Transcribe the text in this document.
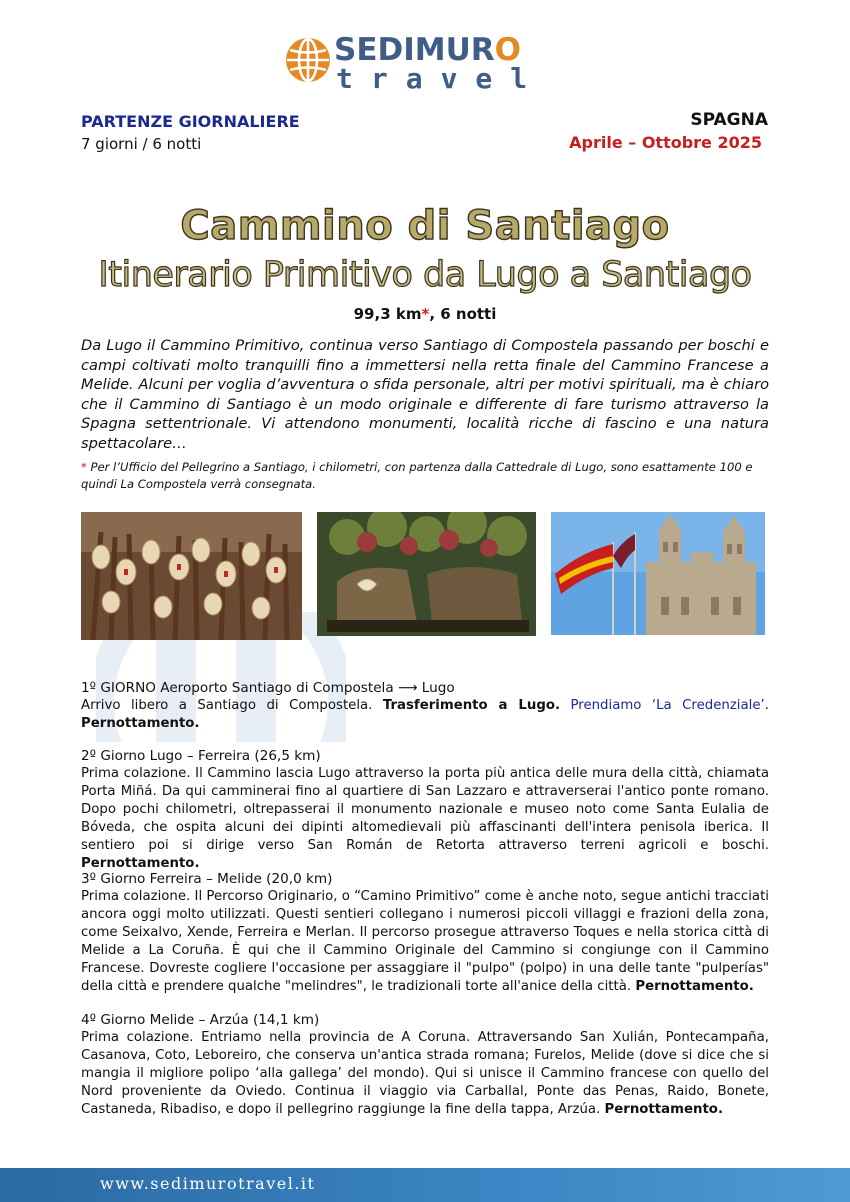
SEDIMURO
travel
PARTENZE GIORNALIERE
7 giorni / 6 notti
SPAGNA
Aprile – Ottobre 2025
Cammino di Santiago
Itinerario Primitivo da Lugo a Santiago
99,3 km*, 6 notti

Da Lugo il Cammino Primitivo, continua verso Santiago di Compostela passando per boschi e campi coltivati molto tranquilli fino a immettersi nella retta finale del Cammino Francese a Melide. Alcuni per voglia d’avventura o sfida personale, altri per motivi spirituali, ma è chiaro che il Cammino di Santiago è un modo originale e differente di fare turismo attraverso la Spagna settentrionale. Vi attendono monumenti, località ricche di fascino e una natura spettacolare…

* Per l’Ufficio del Pellegrino a Santiago, i chilometri, con partenza dalla Cattedrale di Lugo, sono esattamente 100 e quindi La Compostela verrà consegnata.

1º GIORNO Aeroporto Santiago di Compostela ⟶ Lugo

Arrivo libero a Santiago di Compostela. Trasferimento a Lugo. Prendiamo ‘La Credenziale’. Pernottamento.

2º Giorno Lugo – Ferreira (26,5 km)

Prima colazione. Il Cammino lascia Lugo attraverso la porta più antica delle mura della città, chiamata Porta Miñá. Da qui camminerai fino al quartiere di San Lazzaro e attraverserai l'antico ponte romano. Dopo pochi chilometri, oltrepasserai il monumento nazionale e museo noto come Santa Eulalia de Bóveda, che ospita alcuni dei dipinti altomedievali più affascinanti dell'intera penisola iberica. Il sentiero poi si dirige verso San Román de Retorta attraverso terreni agricoli e boschi. Pernottamento.

3º Giorno Ferreira – Melide (20,0 km)

Prima colazione. Il Percorso Originario, o “Camino Primitivo” come è anche noto, segue antichi tracciati ancora oggi molto utilizzati. Questi sentieri collegano i numerosi piccoli villaggi e frazioni della zona, come Seixalvo, Xende, Ferreira e Merlan. Il percorso prosegue attraverso Toques e nella storica città di Melide a La Coruña. È qui che il Cammino Originale del Cammino si congiunge con il Cammino Francese. Dovreste cogliere l'occasione per assaggiare il "pulpo" (polpo) in una delle tante "pulperías" della città e prendere qualche "melindres", le tradizionali torte all'anice della città. Pernottamento.

4º Giorno Melide – Arzúa (14,1 km)

Prima colazione. Entriamo nella provincia de A Coruna. Attraversando San Xulián, Pontecampaña, Casanova, Coto, Leboreiro, che conserva un'antica strada romana; Furelos, Melide (dove si dice che si mangia il migliore polipo ‘alla gallega’ del mondo). Qui si unisce il Cammino francese con quello del Nord proveniente da Oviedo. Continua il viaggio via Carballal, Ponte das Penas, Raido, Bonete, Castaneda, Ribadiso, e dopo il pellegrino raggiunge la fine della tappa, Arzúa. Pernottamento.

www.sedimurotravel.it
